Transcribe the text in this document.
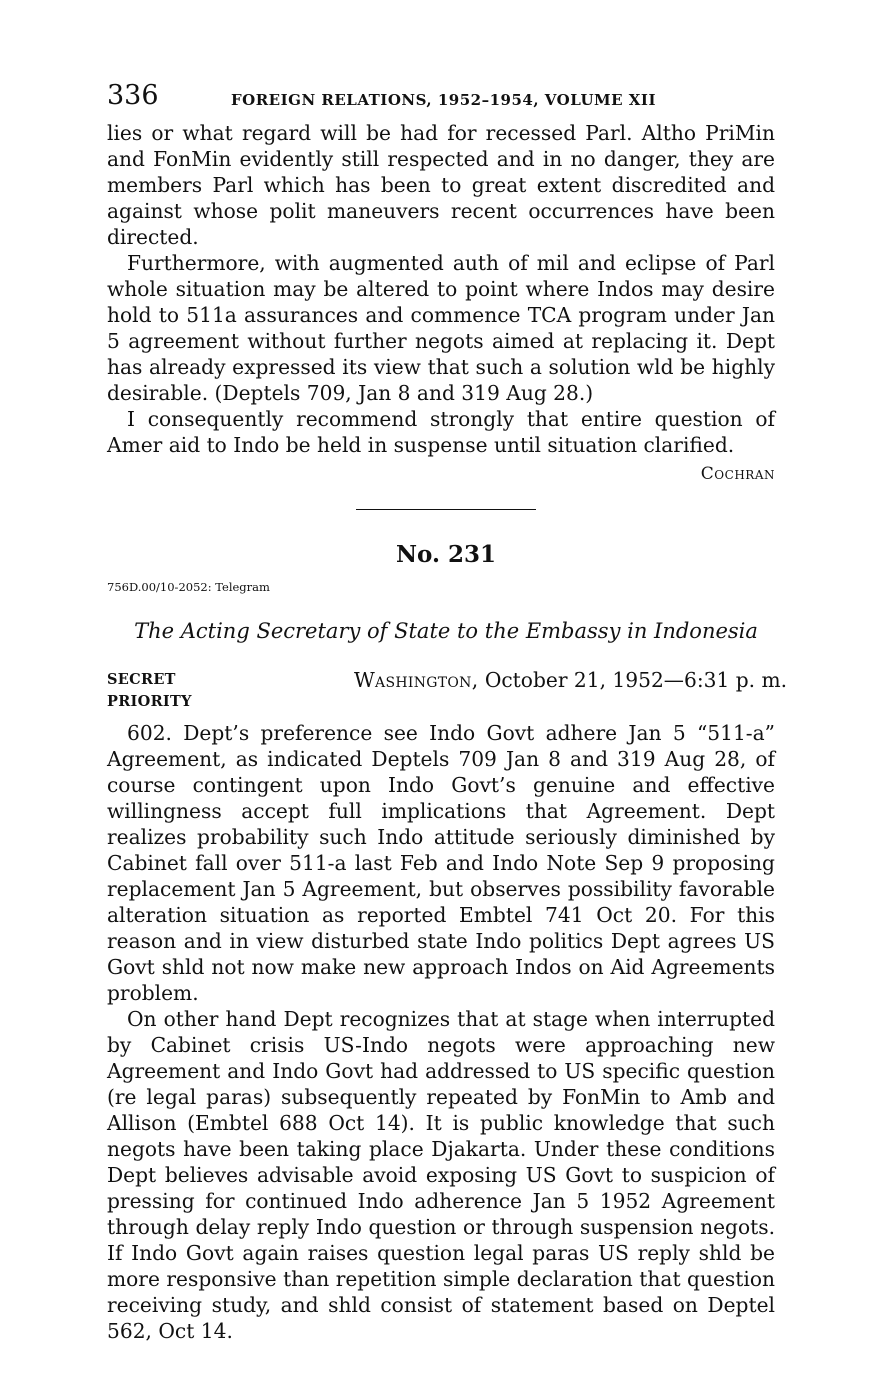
336	FOREIGN RELATIONS, 1952–1954, VOLUME XII

lies or what regard will be had for recessed Parl. Altho PriMin and FonMin evidently still respected and in no danger, they are members Parl which has been to great extent discredited and against whose polit maneuvers recent occurrences have been directed.

Furthermore, with augmented auth of mil and eclipse of Parl whole situation may be altered to point where Indos may desire hold to 511a assurances and commence TCA program under Jan 5 agreement without further negots aimed at replacing it. Dept has already expressed its view that such a solution wld be highly desirable. (Deptels 709, Jan 8 and 319 Aug 28.)

I consequently recommend strongly that entire question of Amer aid to Indo be held in suspense until situation clarified.

Cochran
No. 231
756D.00/10-2052: Telegram
The Acting Secretary of State to the Embassy in Indonesia
SECRET
PRIORITY
Washington, October 21, 1952—6:31 p. m.

602. Dept’s preference see Indo Govt adhere Jan 5 “511-a” Agreement, as indicated Deptels 709 Jan 8 and 319 Aug 28, of course contingent upon Indo Govt’s genuine and effective willingness accept full implications that Agreement. Dept realizes probability such Indo attitude seriously diminished by Cabinet fall over 511-a last Feb and Indo Note Sep 9 proposing replacement Jan 5 Agreement, but observes possibility favorable alteration situation as reported Embtel 741 Oct 20. For this reason and in view disturbed state Indo politics Dept agrees US Govt shld not now make new approach Indos on Aid Agreements problem.

On other hand Dept recognizes that at stage when interrupted by Cabinet crisis US-Indo negots were approaching new Agreement and Indo Govt had addressed to US specific question (re legal paras) subsequently repeated by FonMin to Amb and Allison (Embtel 688 Oct 14). It is public knowledge that such negots have been taking place Djakarta. Under these conditions Dept believes advisable avoid exposing US Govt to suspicion of pressing for continued Indo adherence Jan 5 1952 Agreement through delay reply Indo question or through suspension negots. If Indo Govt again raises question legal paras US reply shld be more responsive than repetition simple declaration that question receiving study, and shld consist of statement based on Deptel 562, Oct 14.
